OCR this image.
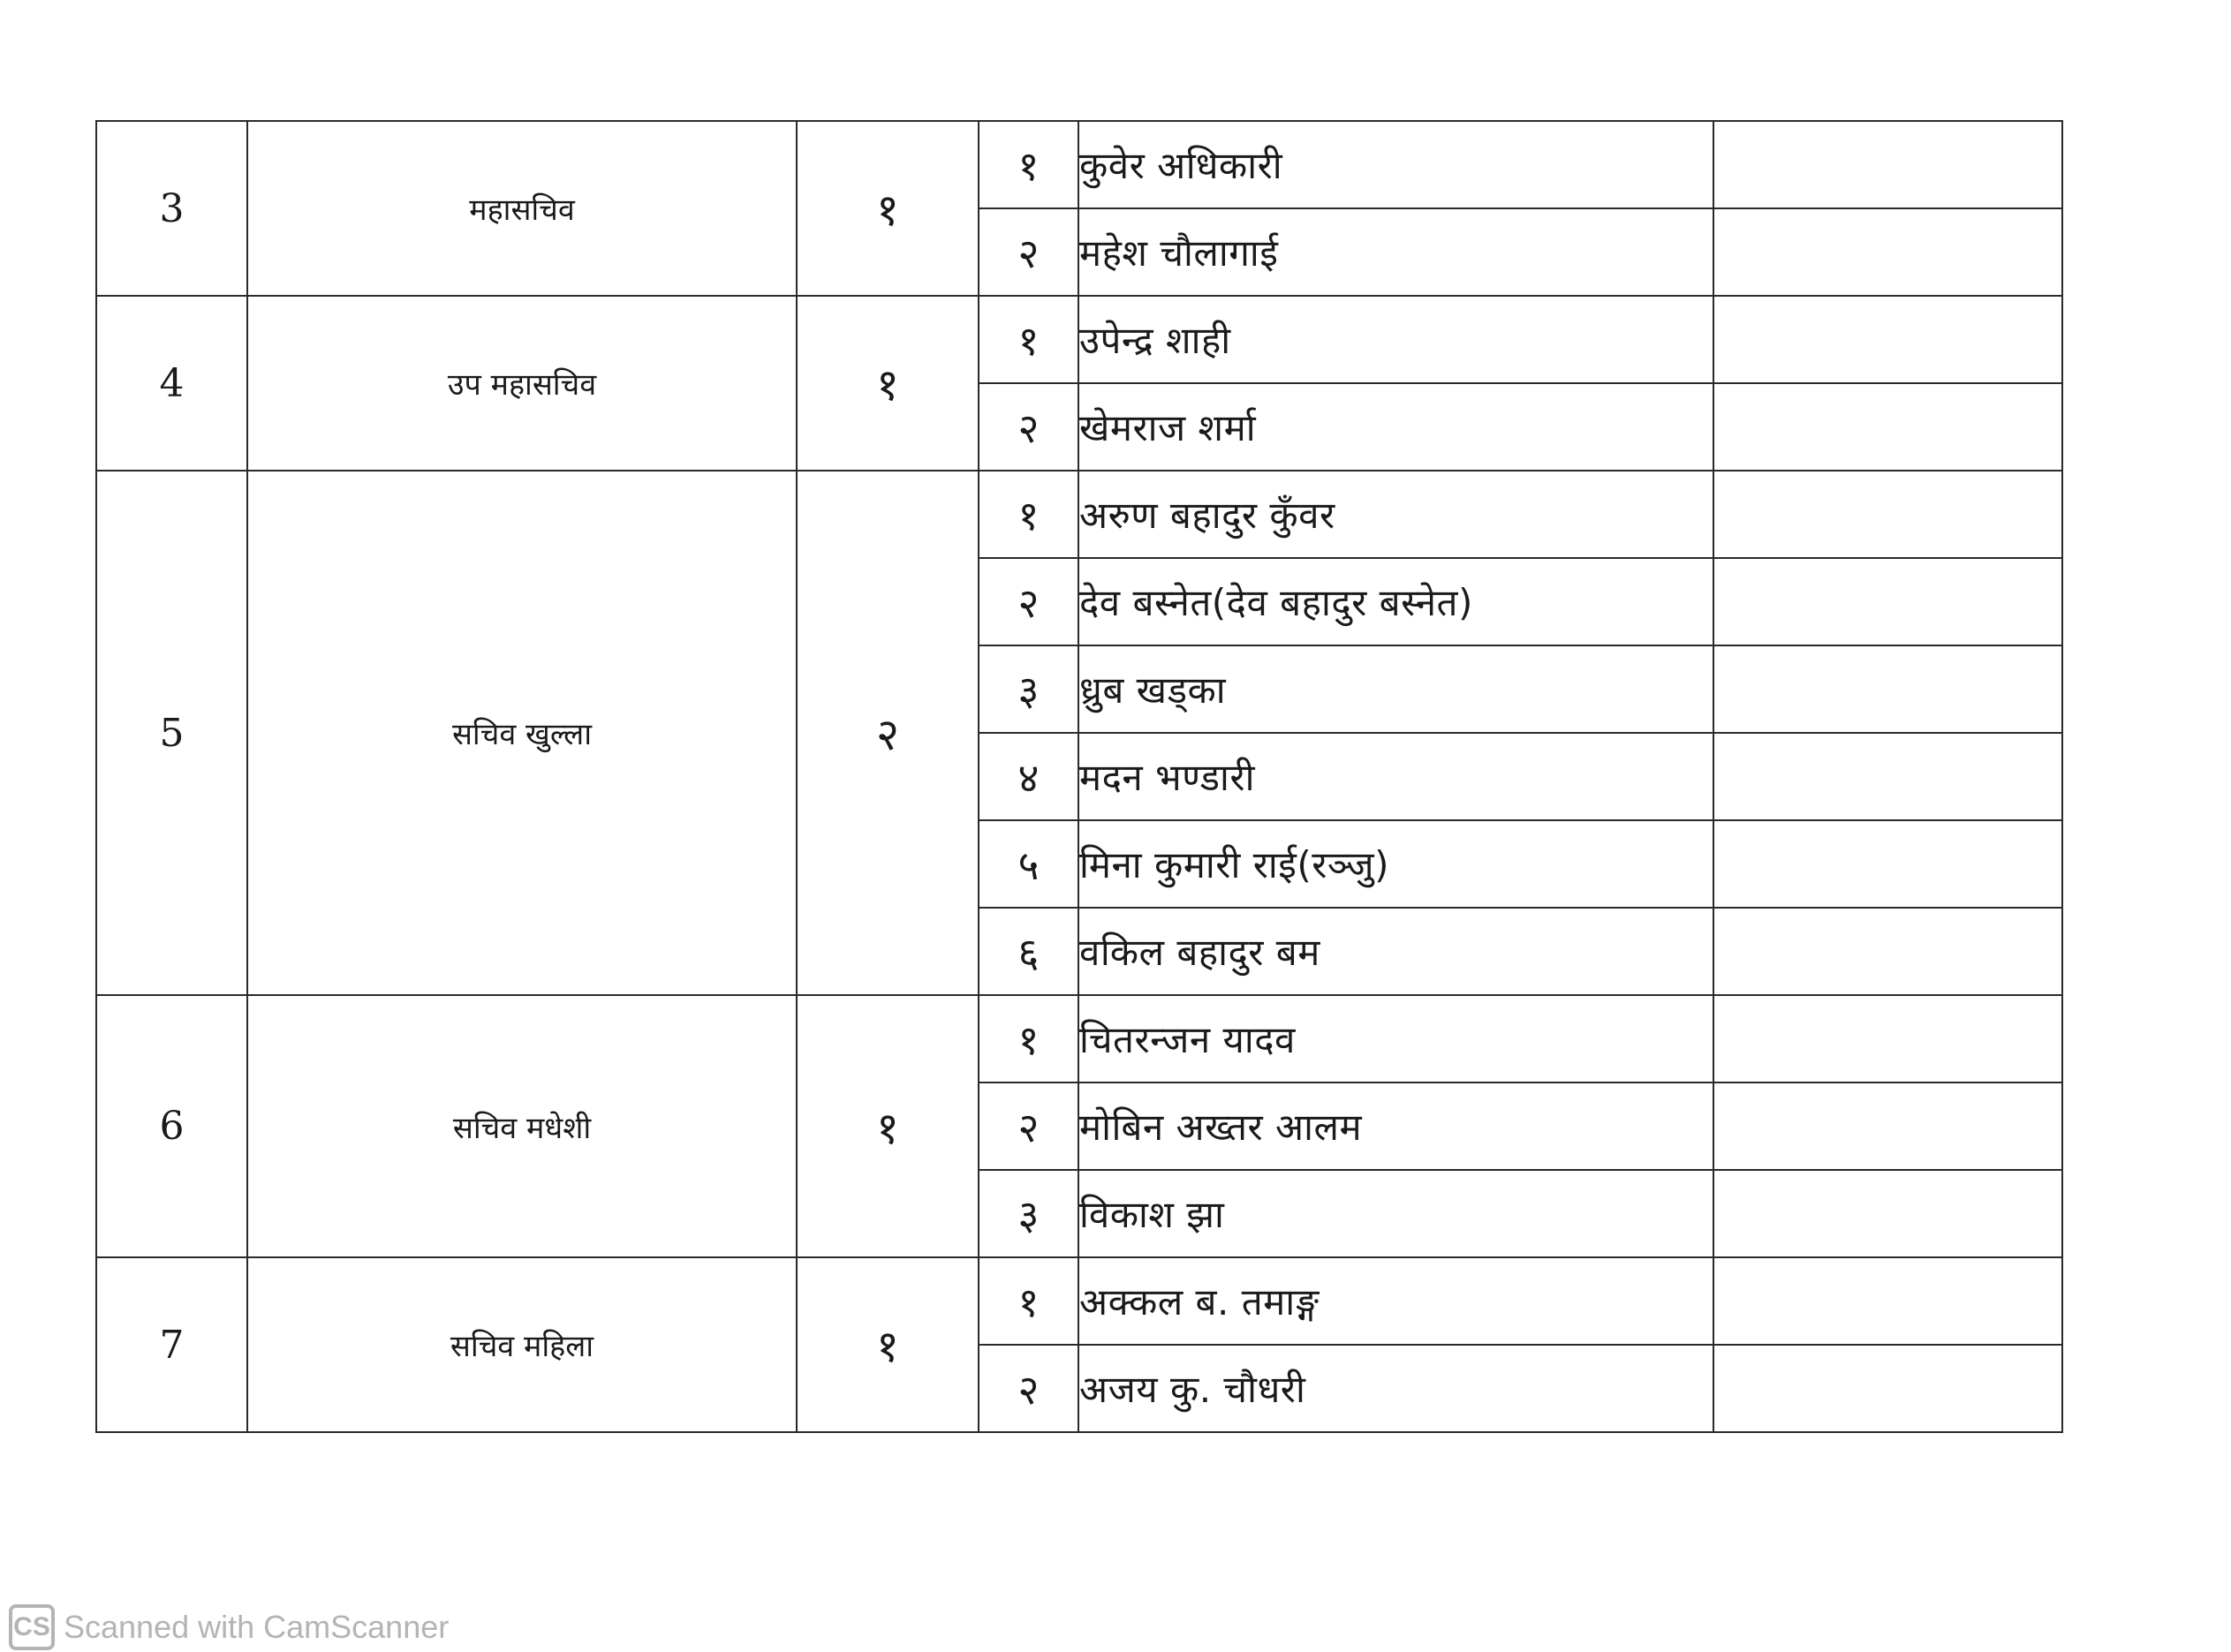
3	महासचिव	१	१	कुवेर अधिकारी	
			२	महेश चौलागाई	
4	उप महासचिव	१	१	उपेन्द्र शाही	
			२	खेमराज शर्मा	
5	सचिव खुल्ला	२	१	अरुण बहादुर कुँवर	
			२	देव बस्नेत(देव बहादुर बस्नेत)	
			३	ध्रुब खड्का	
			४	मदन भण्डारी	
			५	मिना कुमारी राई(रञ्जु)	
			६	वकिल बहादुर बम	
6	सचिव मधेशी	१	१	चितरन्जन यादव	
			२	मोबिन अख्तर आलम	
			३	विकाश झा	
7	सचिव महिला	१	१	अक्कल ब. तमाङ्ग	
			२	अजय कु. चौधरी	
CS Scanned with CamScanner
